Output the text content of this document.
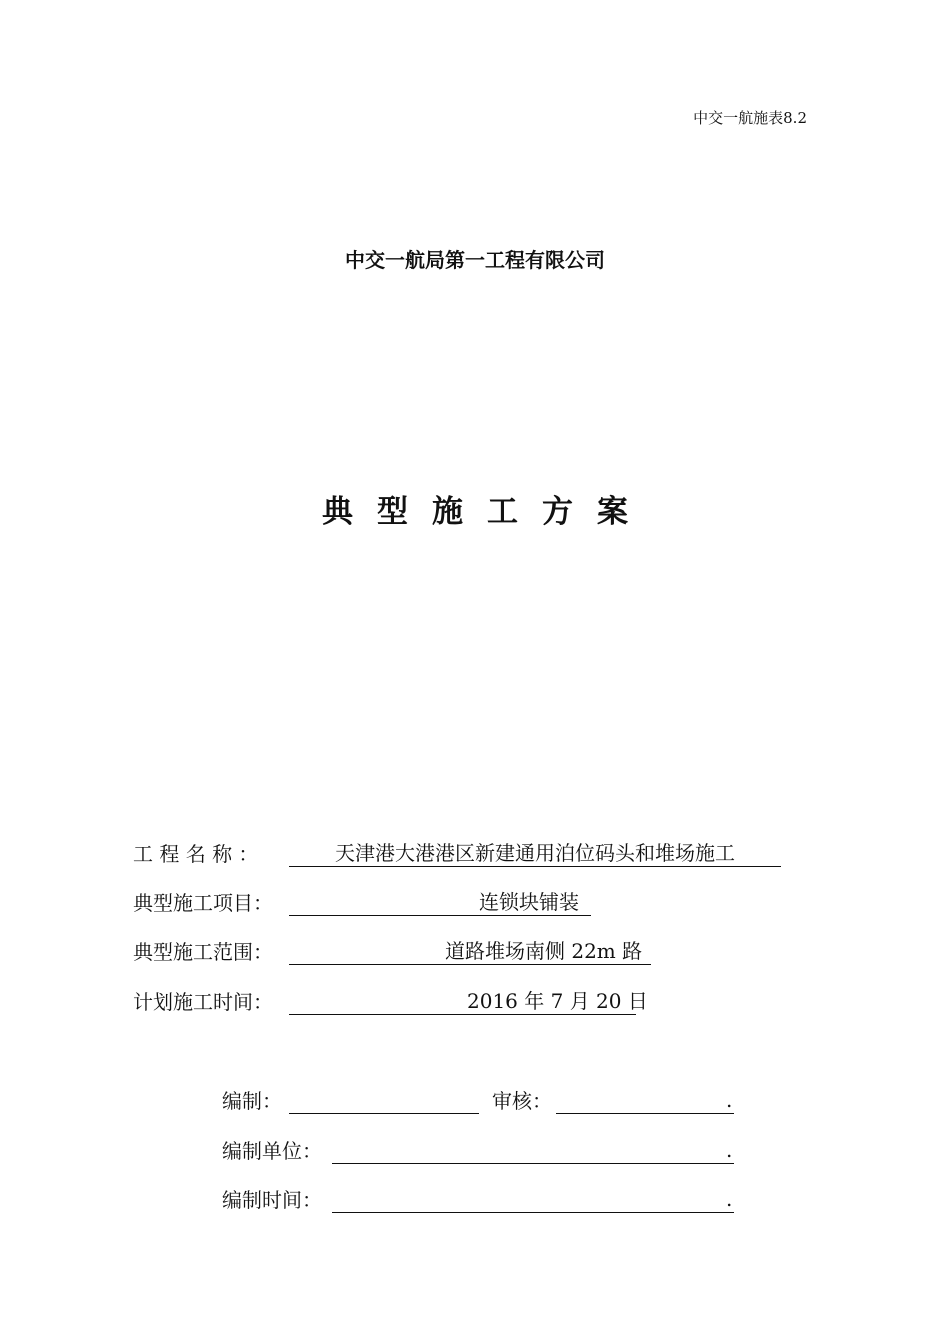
中交一航施表8.2
中交一航局第一工程有限公司
典型施工方案
工 程 名 称 ：	天津港大港港区新建通用泊位码头和堆场施工
典型施工项目：	连锁块铺装
典型施工范围：	道路堆场南侧 22m 路
计划施工时间：	2016 年 7 月 20 日
编制：	审核：	.
编制单位：	.
编制时间：	.
